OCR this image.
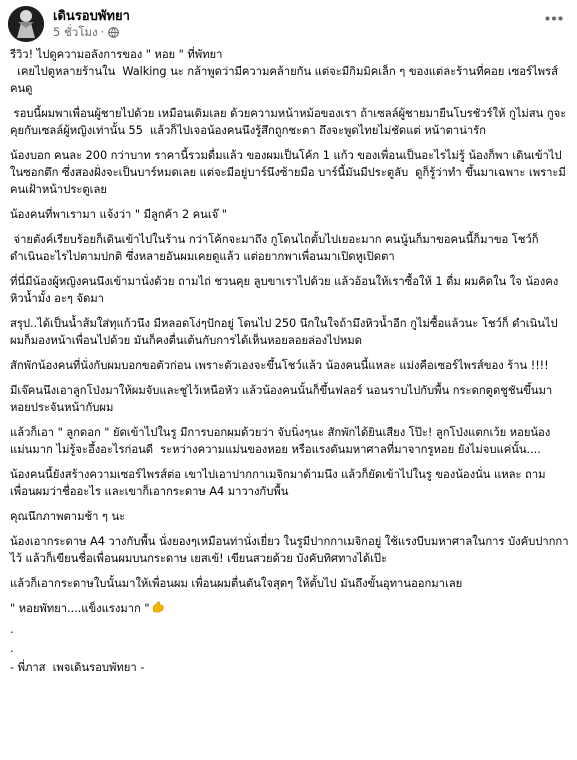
เดินรอบพัทยา
5 ชั่วโมง ·

รีวิว! ไปดูความอลังการของ " หอย " ที่พัทยา
เคยไปดูหลายร้านใน  Walking นะ กล้าพูดว่ามีความคล้ายกัน แต่จะมีกิมมิคเล็ก ๆ ของแต่ละร้านที่คอย เซอร์ไพรส์คนดู

รอบนี้ผมพาเพื่อนผู้ชายไปด้วย เหมือนเดิมเลย ด้วยความหน้าหม้อของเรา ถ้าเซลล์ผู้ชายมายืนโบรชัวร์ให้ กูไม่สน กูจะคุยกับเซลล์ผู้หญิงเท่านั้น 55  แล้วก็ไปเจอน้องคนนึงรู้สึกถูกชะตา ถึงจะพูดไทยไม่ชัดแต่ หน้าตาน่ารัก

น้องบอก คนละ 200 กว่าบาท ราคานี้รวมดื่มแล้ว ของผมเป็นโค้ก 1 แก้ว ของเพื่อนเป็นอะไรไม่รู้ น้องก็พา เดินเข้าไปในซอกตึก ซึ่งสองฝั่งจะเป็นบาร์หมดเลย แต่จะมีอยู่บาร์นึงซ้ายมือ บาร์นี้มันมีประตูลับ  ดูก็รู้ว่าทำ ขึ้นมาเฉพาะ เพราะมีคนเฝ้าหน้าประตูเลย

น้องคนที่พาเรามา แจ้งว่า " มีลูกค้า 2 คนเจ๊ "

จ่ายตังค์เรียบร้อยก็เดินเข้าไปในร้าน กว่าโค้กจะมาถึง กูโดนไถตั้บไปเยอะมาก คนนู้นก็มาขอคนนี้ก็มาขอ โชว์ก็ดำเนินอะไรไปตามปกติ ซึ่งหลายอันผมเคยดูแล้ว แต่อยากพาเพื่อนมาเปิดหูเปิดตา

ที่นี่มีน้องผู้หญิงคนนึงเข้ามานั่งด้วย ถามไถ่ ชวนคุย ลูบขาเราไปด้วย แล้วอ้อนให้เราซื้อให้ 1 ดื่ม ผมคิดใน ใจ น้องคงหิวน้ำมั้ง อะๆ จัดมา

สรุป..ได้เป็นน้ำส้มใส่ทุแก้วนึง มีหลอดโง่ๆปักอยู่ โดนไป 250 นึกในใจถ้ามึงหิวน้ำอีก กูไม่ซื้อแล้วนะ โชว์ก็ ดำเนินไปผมก็มองหน้าเพื่อนไปด้วย มันก็คงตื่นเต้นกับการได้เห็นหอยลอยล่องไปหมด

สักพักน้องคนที่นั่งกับผมบอกขอตัวก่อน เพราะตัวเองจะขึ้นโชว์แล้ว น้องคนนี้แหละ แม่งคือเซอร์ไพรส์ของ ร้าน !!!!

มีเจ๊คนนึงเอาลูกโป่งมาให้ผมจับและชูไว้เหนือหัว แล้วน้องคนนั้นก็ขึ้นฟลอร์ นอนราบไปกับพื้น กระดกตูดชูชันขึ้นมา หอยประจันหน้ากับผม

แล้วก็เอา " ลูกดอก " ยัดเข้าไปในรู มีการบอกผมด้วยว่า จับนิ่งๆนะ สักพักได้ยินเสียง โป๊ะ! ลูกโป่งแตกเว้ย หอยน้องแม่นมาก ไม่รู้จะอึ้งอะไรก่อนดี  ระหว่างความแม่นของหอย หรือแรงดันมหาศาลที่มาจากรูหอย ยังไม่จบแค่นั้น....

น้องคนนี้ยังสร้างความเซอร์ไพรส์ต่อ เขาไปเอาปากกาเมจิกมาด้ามนึง แล้วก็ยัดเข้าไปในรู ของน้องนั่น แหละ ถามเพื่อนผมว่าชื่ออะไร และเขาก็เอากระดาษ A4 มาวางกับพื้น

คุณนึกภาพตามช้า ๆ นะ

น้องเอากระดาษ A4 วางกับพื้น นั่งยองๆเหมือนท่านั่งเยี่ยว ในรูมีปากกาเมจิกอยู่ ใช้แรงบีบมหาศาลในการ บังคับปากกาไว้ แล้วก็เขียนชื่อเพื่อนผมบนกระดาษ เยสเข้! เขียนสวยด้วย บังคับทิศทางได้เป๊ะ

แล้วก็เอากระดาษใบนั้นมาให้เพื่อนผม เพื่อนผมตื่นตันใจสุดๆ ให้ตั้บไป มันถึงขั้นอุทานออกมาเลย

" หอยพัทยา....แข็งแรงมาก "

.

.

- พี่ภาส  เพจเดินรอบพัทยา -
